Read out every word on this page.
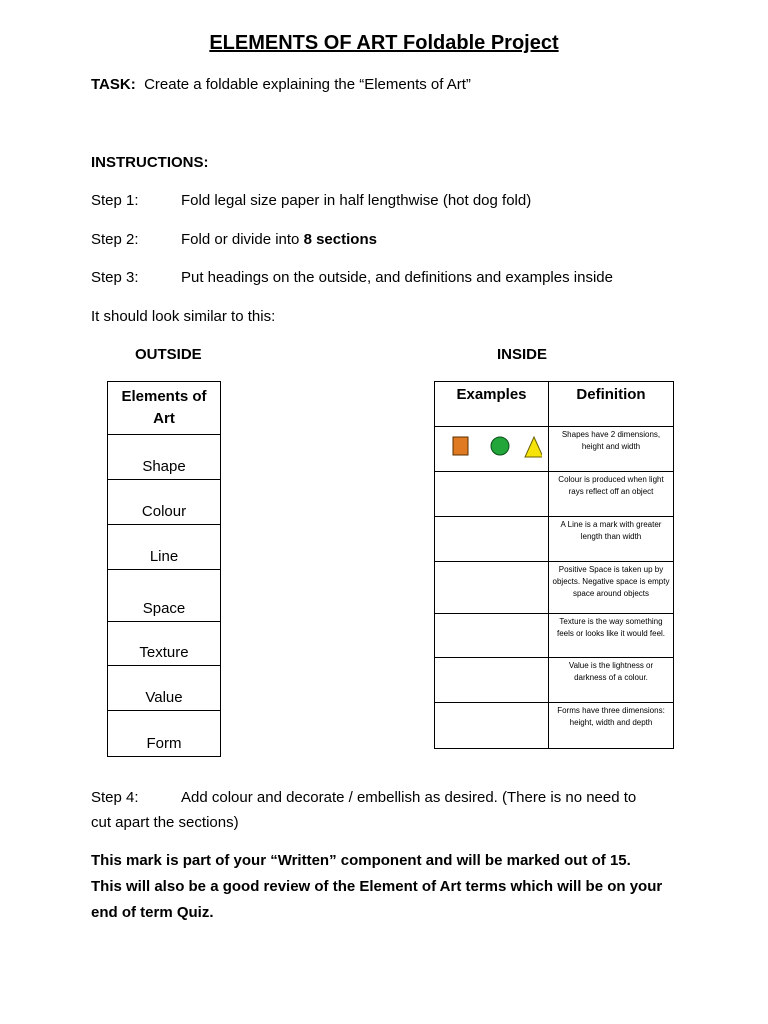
ELEMENTS OF ART Foldable Project
TASK: Create a foldable explaining the “Elements of Art”
INSTRUCTIONS:
Step 1:	Fold legal size paper in half lengthwise (hot dog fold)
Step 2:	Fold or divide into 8 sections
Step 3:	Put headings on the outside, and definitions and examples inside
It should look similar to this:
OUTSIDE	INSIDE
Elements of
Art	

Shape	
Colour	
Line	
Space	
Texture	
Value	
Form	
Examples	Definition
	Shapes have 2 dimensions, height and width
	Colour is produced when light rays reflect off an object
	A Line is a mark with greater length than width
	Positive Space is taken up by objects. Negative space is empty space around objects
	Texture is the way something feels or looks like it would feel.
	Value is the lightness or darkness of a colour.
	Forms have three dimensions: height, width and depth
Step 4:	Add colour and decorate / embellish as desired. (There is no need to
cut apart the sections)
This mark is part of your “Written” component and will be marked out of 15.
This will also be a good review of the Element of Art terms which will be on your
end of term Quiz.
